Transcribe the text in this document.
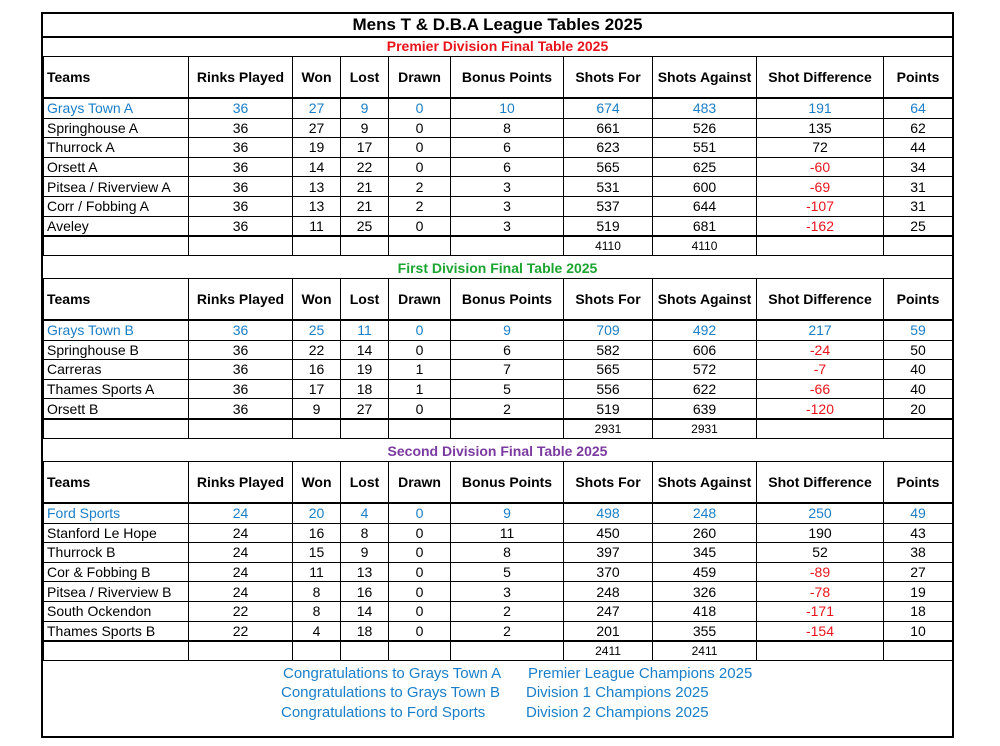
Mens T & D.B.A League Tables 2025
Premier Division Final Table 2025
Teams	Rinks Played	Won	Lost	Drawn	Bonus Points	Shots For	Shots Against	Shot Difference	Points
Grays Town A	36	27	9	0	10	674	483	191	64
Springhouse A	36	27	9	0	8	661	526	135	62
Thurrock A	36	19	17	0	6	623	551	72	44
Orsett A	36	14	22	0	6	565	625	-60	34
Pitsea / Riverview A	36	13	21	2	3	531	600	-69	31
Corr / Fobbing A	36	13	21	2	3	537	644	-107	31
Aveley	36	11	25	0	3	519	681	-162	25
						4110	4110		
First Division Final Table 2025
Teams	Rinks Played	Won	Lost	Drawn	Bonus Points	Shots For	Shots Against	Shot Difference	Points
Grays Town B	36	25	11	0	9	709	492	217	59
Springhouse B	36	22	14	0	6	582	606	-24	50
Carreras	36	16	19	1	7	565	572	-7	40
Thames Sports A	36	17	18	1	5	556	622	-66	40
Orsett B	36	9	27	0	2	519	639	-120	20
						2931	2931		
Second Division Final Table 2025
Teams	Rinks Played	Won	Lost	Drawn	Bonus Points	Shots For	Shots Against	Shot Difference	Points
Ford Sports	24	20	4	0	9	498	248	250	49
Stanford Le Hope	24	16	8	0	11	450	260	190	43
Thurrock B	24	15	9	0	8	397	345	52	38
Cor & Fobbing B	24	11	13	0	5	370	459	-89	27
Pitsea / Riverview B	24	8	16	0	3	248	326	-78	19
South Ockendon	22	8	14	0	2	247	418	-171	18
Thames Sports B	22	4	18	0	2	201	355	-154	10
						2411	2411		
Congratulations to Grays Town A Premier League Champions 2025
Congratulations to Grays Town B Division 1 Champions 2025
Congratulations to Ford Sports	Division 2 Champions 2025
